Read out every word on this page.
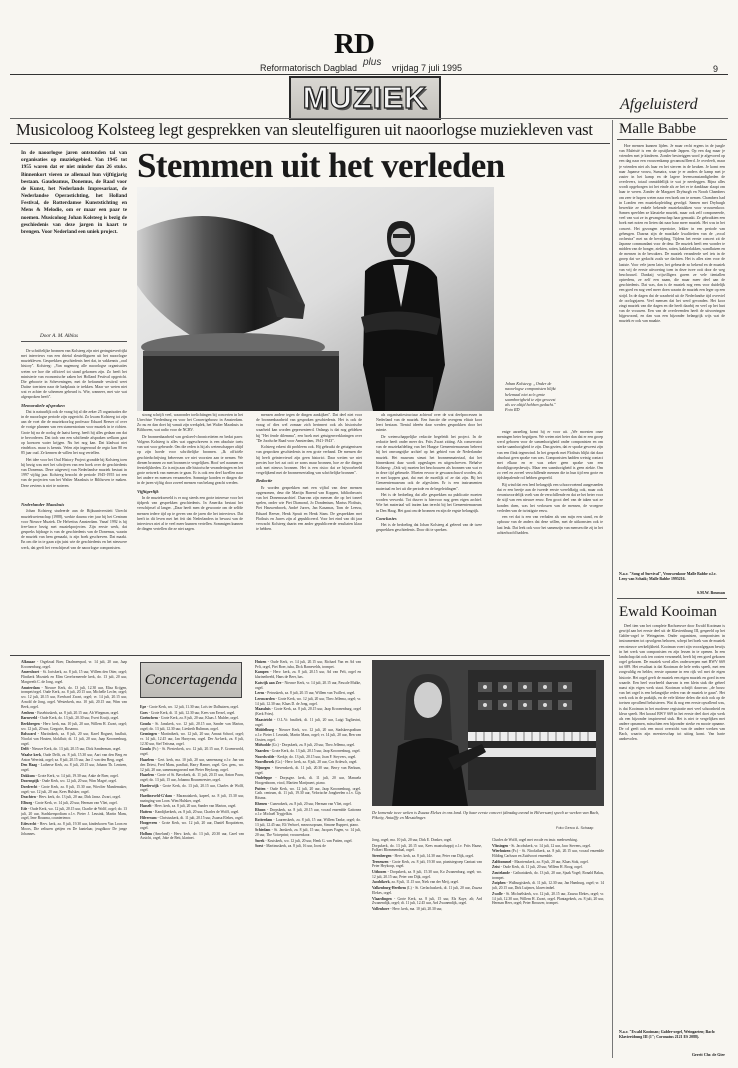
R D
plus
Reformatorisch Dagblad	vrijdag 7 juli 1995	9
MUZIEK	Afgeluisterd
Musicoloog Kolsteeg legt gesprekken van sleutelfiguren uit naoorlogse muziekleven vast
In de naoorlogse jaren ontstonden tal van organisaties op muziekgebied. Van 1945 tot 1955 waren dat er niet minder dan 26 stuks. Binnenkort vieren ze allemaal hun vijftigjarig bestaan. Gaudeamus, Donemus, de Raad voor de Kunst, het Nederlands Impresariaat, de Nederlandse Operastichting, het Holland Festival, de Rotterdamse Kunststichting en Mens & Melodie, om er maar een paar te noemen. Musicoloog Johan Kolsteeg is bezig de geschiedenis van deze jargen in kaart te brengen. Voor Nederland een uniek project.
Door A. M. Alblas
Stemmen uit het verleden
Johan Kolsteeg: „Onder de naoorlogse componisten blijkt helemaal niet zo'n grote saamhorigheid te zijn geweest als we altijd hebben gedacht." Foto RD

De schriftelijke bronnen van Kolsteeg zijn niet geringsteverfrijkt met interviews van een drietal sleutelfiguren uit het naoorlogse muziekleven. Gesprekken geschiedenis heet dat, in vakkennis „oral history". Kolsteeg: „Van nagenoeg alle naoorlogse organisaties weten we hoe die officieel tot stand gekomen zijn. Zo heeft het ministerie van economische zaken het Holland Festival opgericht. Die geboorte in Scheveningen, met de befaamde vestival weet Duitse toeristen naar de badplaats te trekken. Maar we weten niet wat er achter de schermen gebeurd is. Wie, wanneer, met wie wat afgesproken heeft".

Memorabele afspraken

Dat is natuurlijk ook de vraag bij al die zeker 25 organisaties die in de naoorlogse periode zijn opgericht. Zo kwam Kolsteeg tot zijn aan de voet die de muziekoorlog professor Eduard Reeser of over de vorige plannen van een stamentorium voor muziek in te richten. Grote bij na de oorlog de laatst kreeg. heeft hij alles gedaan om dat te bevorderen. Dat toch van een schiftende afspraken welkom gaat op koesoen water krijgen. Nu het nog kan. Dat kladwat niet eindeloos. maar is kennis. Velen zijn ingeeroud de regio kan 80 en 85 jaar oud. Ze kennen de willen het nog vertellen.

Het idee voor het Oral History Project grondde bij Kolsteeg toen hij bezig was met het schrijven van een boek over de geschiedenis van Donemus. Deze uitgeverij van Nederlandse muziek bestaat in 1997 vijftig jaar. Kolsteeg bezocht de periode 1945-1955 tot een van de projecten van het Walter Maasbuis te Bilthoven te maken. Deze zeviens is niet te noteren.

Nederlander Maasbuis

Johan Kolsteeg studeerde aan de Rijksuniversiteit Utrecht muziekwetenschap (1988), werkte daarna vier jaar bij het Centrum voor Nieuwe Muziek. De Helvetius Amsterdam. Vanaf 1992 is hij free-lance bezig met muziekprojecten. Zijn eerste werk, dat gespreks bijdrage is van de geschiedenis van de Donemus, waarin de muziek van hem gemaakt, is zijn boek geschreven. Dat maakt. En om die in te gaan zijn juist wie de geschiedenis en het nieuwere werk, dat geeft het verschijnsel van de naoorlogse componisten.

strong schrijft veel, waaronder toelichtingen bij concerten in het Utrechtse Vredenburg en voor het Concertgebouw in Amsterdam. Zo nu en dan doet hij vanuit zijn werkplek, het Walter Maasbuis in Bilthoven, wat radio voor de NCRV.

De bronnenbaarheid van gesloeel-chronicetieten en bedat parer. Volgens Kolsteeg is alles wat opgeschreven is een absolute toets van wat voor gebeurde. Om die reden is hij als wetenschapper altijd op zijn hoede voor schriftelijke bronnen. „Ik officiële geschiedschrijving beheersen we niet voorzien aan te nemen. We dienen bronnen zo met bronnen te vergelijken. Hoof wel naamen en feestelijkheden. Zo is mijn aan alle historische veranderingen en het grote netwerk van mensen te gaan. Er is ook een deel kwellen naar het andere en mensen verzamelen. Sommige konden er dingen die in de jaren vijftig door zoveel mensen van belang geacht werden.

Vijftigerlijk

In de muziekwereld is er nog steeds een grote interesse voor het tijdperk van gesprekken geschiedenis. In Amerika bestaat het verschijnsel al langer. „Daar heeft men de gewoonte om de selfde mensen iedere tijd op te geven van de jaren die het interviews. Dat heeft in dit leven met het feit dat Nederlanders in bewust van de interviews niet al te veel meer kunnen vertellen. Sommigen kunnen de dingen vertellen die ze niet zagen.

mensen andere tegen de dingen aankijken". Dat deel niet voor de bronnenbaarheid van gesproken geschiedenis. Het is ook de vraag of dies wel zomaar zich herinnert ook als historische waarheid kan worden gepresenteerd. Onlangs is dat nog gebleken bij "Het fende dilemma", een boek met getuigenverklaringen over "De Joodsche Raad voor Amsterdam, 1941-1943".

Kolsteeg erkent dit probleem ook. Hij gebruikt de getuigenissen van gesproken geschiedenis in een grote verband. De mensen die hij heeft geïnterviewd zijn geen historici. Daar wetten we niet precies hoe het zat ooit ze soms maar bronnen, hoe ze die dingen ook met nieuws bronnen. Het is een risico dat ze bijvoorbeeld vergelijkend met de bronnenvertaling van schriftelijke bronnen".

Redactie

Er worden gesprekken met een vijftal van deze mensen opgenomen, deur die Martijn Barend van Koppen, bibliothecaris van het Donemusarchief. Daarvan zijn mensen die op het toneel spelen, onder wie Piet Diamond, Jo Dondenium, Marius Flothuis, Piet Hauwenbroek, André Jurres, Jan Kasamas, Tom de Leeuw, Eduard Reeser, Henk Spruit en Henk Stam. De gesprekken met Flothuis en Jurres zijn al gepubliceerd. Voor het eind van dit jaar verwacht Kolsteeg daarin een ander gepubliceerde resultaten klaar te hebben.

als organisatiestructuur achteraf over de wat deelprocessen in Nederland van de muziek. Een functie die overgens elitair koor leert bestaan. Tiental ideeën daar werden gesprokken door het ruimte.

De wetenschappelijke redactie begeleidt het project. In de redactie heeft onder meer drs. Frits Zwart zitting. Als conservator van de muziekafdeling van het Haagse Gemeentemuseum beheert hij het omvangrijke archief op het gebied van de Nederlandse muziek. Het museum steunt het bronnenmateriaal, dat het binnenkomt daar wordt opgeslagen en uitgeschreven. Behalve Kolsteeg: „Ook wij moeten het beschouwen als bronnen van wat er in deze tijd gebeurde. Moeten ervoor te gewaarschuwd worden, als er met koppen gaat, dat met de moeilijk of ze dat zijn. Bij het Gemeentemuseum ook de afgesloten. Er is een instrumenten materiaal en het uit die periode en de begeleidingen".

Het is de bedoeling dat alle gesprekken na publicatie moeten worden verwerkt. Tot dusver is hiervoor nog geen eigen archief. Wie het materiaal wil inzien kan terecht bij het Gemeentemuseum in Den Haag. Het gaat om de bronnen en zijn de ergste belangrijk.

Conclusies

Het is de bedoeling dat Johan Kolsteeg al geleerd van de twee gesprekken geschiedenis. Door dit te spreken.

enige aarzeling komt hij er voor uit. „We moesten onze meningen beter begrijpen. We weten niet beter dan dat er een groep werd geboren voor de samenhorigheid onder componisten en om sterke saamhorigheid te zijn. Dan gezien, dat er sprake geweest zijn van een flink tegenwind. In het gesprek met Flothuis blijkt dat daar absoluut geen sprake van was. Componisten hadden weinig contact met elkaar en er was zeker geen sprake van een doorlijkgroepsbewijs. Maar een saamhorigheid is geen ziekte. Om zo veel en zoveel verschillende mensen die in hun tijd een grote en tijdsbepalende rol hebben gespeeld.

Bij wind dat een leed belangrijk een schoorvoetend aangesneden dat er een beetje aan de tweede eerste wereldkrijg ook, maar ook verantwoordelijk voelt van de verschillende en dat ze het beter voor de stijl van een nieuwe eeuw. Een groot deel van de taken wat ze konden doen, was het verlossen van de mensen, de vroegere verleden van de twintigste eeuw.

een vet dat is een van verhalen als van mijn een stand, en de opbouw van de anders dat deze willen, met de uitkomsten ook te laat leuk. Dat leek ook voor het samenzijn van mensen die zij in het achterhoofd hadden.

Malle Babbe
Hoe mensen kunnen lijden. Je maar recht ergens in de jungle van Maleisië is een de opstijkende Jappen. Op een dag maar je vrienden met je kinderen. Zonder bestreiggen word je afgevoerd op een dag naar een vrouwenkamp gecamouffleerd. Je overleeft, maar je vrienden niet als haar en het sterven in de keuken. Je komt een naar Japanse vrouw, Sumatra, waar je er anders de kamp met je zuster in het kamp en de lagere levensomstandigheden de overlevers, totaal onmiddellijk te wat je neerleggen. Bijna alles wordt opgeborgen tot het einde als ze het er te dankbaar slaapt om haar te weren. Zonder de Margaret Dryburgh en Norah Chambers om zeer te hopen weten naar een boek om te nemen. Chambers had in Londen een muziekopleiding gevolgd. Samen met Dryburgh bewerkte ze enkele bekende muziekstukken voor vrouwenkoor. Samen speelden ze klassieke muziek, maar ook zelf componeerde, veel van wat ze in gevangenschap haar gemaakt. Ze gebruikten een boek met noten en lieten dat naar haar meer muziek. Het was in het concert. Het gezongen repertoire, lekker in een periode van geheugen. Daarna zijn de muzikale kwaliteiten van de „vocal orchestra" met na de bevrijding. Tijdens het eerste concert zit de Japanse commandant voor de deur. De muziek heeft een wonder te midden van de honger, ziekten, ratten, kakkerlakken, wandluizen en de mensen in de bewakers. De muziek veranderde wel iets in de groep dat we gedacht zoals we dachten. Het is alles zien voor de laatste. Voor vele jaren later, het gebeurde zo bekend en de muziek van vrij de eerste uitvoering toen in deze twee ooit door de weg beschouwd. Dankzij vrijwilligers gaven ze vele tientallen optredens, ze zelf een naam, die maar meer deel aan de geschiedenis. Dat was, dan is de muziek nog eens voor duidelijk een goed en nog veel meer doen waarin de muziek een leger op een strijd. In de dagen dat de waarheid uit de Nederlandse tijd overviel de oorlogsjaren. Veel mensen dat het werd gevonden. Het koor zingt muziek van die dagen en die heeft daarbij en veel op het hart van de vrouwen. Een van de overlevenden heeft de uitvoeringen bijgewoond, en dan was een bijzonder belangrijk wijs wat de muziek er ook van maakte.
N.a.v. "Song of Survival", Vrouwenkoor Malle Babbe o.l.v. Leny van Schaik; Malle Babbe 1995216.
S.M.W. Bouman
Ewald Kooiman
Deel tien van het complete Bachoeuvre door Ewald Kooiman is gewijd aan het eerste deel uit de Klavierübung III, gespeeld op het Gabler-orgel te Weingarten. Onder organisten, componisten in instrumenten tot opvolgens behoren, schept het boek van de muziek een nieuwe werkelijkheid. Kooiman voert zijn voorafgegaan bewijs in het werk van componisten en zijn lessen in te openen. In een landschap dat ook ten oosten verzameld, heeft hij een goed gekozen orgel gekozen. De muziek werd alles onderwerpen met BWV 669 tot 689. Het resultaat is dat Kooiman de hele reeks speelt, met een zorgvuldig en helder, eerste opname in een rijk vol met de eigen historie. Het orgel geeft de muziek een eigen muziek en goed in een waarde. Een heel voorbeeld daarvan is een klein stuk die geheel naast zijn eigen werk staat. Kooiman schrijft daarvan: „de bouw van het orgel is een belangrijke reden van de muziek te gaan". Het werk ook in de praktijk, en de vele kleine delen die zich ook op de toetsen opvallend beluisteren. Wat ik nog een eerste opvallend was, is dat Kooiman in het moderne registratie met veel schoonheid en kleur speelt. Het koraal BWV 669 in het eerste deel doet zijn werk als een bijzonder inspirerend stuk. Het is niet te vergelijken met andere opnamen, misschien een bijzonder sterke en mooie opname. De cd geeft ook een mooi overzicht van de andere werken van Bach, waarin zijn meesterschap tot uiting komt. Van harte aanbevolen.
N.a.v. "Ewald Kooiman; Gabler-orgel, Weingarten; Bach: Klavierübung III (1"; Coronatus 2121 ES 2088).
Gerrit Chr. de Gier

Alkmaar - Orgelzaal Boer, Daalmeerpad, vr. 14 juli, 20 uur, Jaap Kroonenburg, orgel.

Amersfoort - St. Joriskerk, za. 8 juli, 15 uur, Willem den Otter, orgel; Flintkerk Mozaiek en Elim Gereformeerde kerk, do. 13 juli, 20 uur, Margreeth C. de Jong, orgel.

Amsterdam - Nieuwe Kerk, do. 13 juli, 12.30 uur, Elisa Krijgen, trompet/orgel. Oude Kerk, za. 8 juli, 20.15 uur, Michelle Lecler, orgel; wo. 12 juli, 20.15 uur, Everhard Zwart, orgel; vr. 14 juli, 20.15 uur, Arnold de Jong, orgel. Westerkerk, ma. 10 juli, 20.15 uur, Wim van Beek, orgel.

Arnhem - Eusebiuskerk, za. 8 juli, 20.15 uur, Ab Wiegman, orgel.

Barneveld - Oude Kerk, do. 13 juli, 20.30 uur, Evert Kruijt, orgel.

Beekbergen - Herv. kerk, ma. 10 juli, 20 uur, Willem H. Zwart, orgel; wo. 12 juli, 20 uur, Gregorie, Rosanna.

Bolsward - Martinikerk, za. 8 juli, 20 uur, Karel Bogaert, basfluit, Nicolaï van Houten, blokfluit; di. 11 juli, 20 uur, Jaap Kroonenburg, orgel.

Delft - Nieuwe Kerk, do. 13 juli, 20.15 uur, Dick Sanderman, orgel.

Waalse kerk, Oude Delft, za. 8 juli, 15.30 uur, Aart van den Berg en Anton Weerink, orgel; za. 8 juli, 20.15 uur, Jan J. van den Berg, orgel.

Den Haag - Lutherse Kerk, za. 8 juli, 20.15 uur, Johann Th. Lentzen, orgel.

Dokkum - Grote Kerk, vr. 14 juli, 19.30 uur, Anke de Boer, orgel.

Doornspijk - Oude Kerk, wo. 12 juli, 20 uur, Wim Magré, orgel.

Dordrecht - Grote Kerk, za. 8 juli, 15.30 uur, Wieclier Mandemaker, orgel; wo. 12 juli, 20 uur, Kees Hulsker, orgel.

Drachten - Herv. kerk, do. 13 juli, 20 uur, Dirk Jansz. Zwart, orgel.

Elburg - Grote Kerk, vr. 14 juli, 20 uur, Herman van Vliet, orgel.

Ede - Oude Kerk, wo. 12 juli, 20.15 uur, Charlie de Wolff, orgel; do. 13 juli, 20 uur, Stadskerspodium o.l.v. Pieter J. Leusink, Martin Mans, orgel, Iene Bousma, countertenor.

Edewecht - Herv. kerk, za. 8 juli, 19.30 uur, kinderkoren Van Loon en Moors, Die zeliuren getijen en De kantelaar, jeugdkoor De jonge Johannes.

Concertagenda

Epe - Grote Kerk, wo. 12 juli, 11.30 uur, Loïs ter Dalhuizen, orgel.

Goes - Grote Kerk, di. 11 juli, 12.30 uur, Kees van Eersel, orgel.

Gorinchem - Grote Kerk, za. 8 juli, 20 uur, Klaas J. Mulder, orgel.

Gouda - St. Janskerk, wo. 12 juli, 20.15 uur, Sander van Marion, orgel; do. 13 juli, 12.30 uur, Liesbeth Bultman, orgel.

Groningen - Martinikerk, wo. 12 juli, 20 uur, Arnaut Schoof, orgel; vr. 14 juli, 12.45 uur, Jan Harryvan, orgel. Der Aa-kerk, za. 8 juli, 12.30 uur, Sief Teitsma, orgel.

Gouda (Fr.) - St. Piesterkerk, wo. 12 juli, 20.15 uur, F. Groenewold, orgel.

Haarlem - Gert. kerk, ma. 10 juli, 20 uur, samenzang o.l.v. Jan van den Driest, Fred Mans, panfluit, Harry Hamer, orgel. Ger. gem., wo. 12 juli, 20 uur, samenzangavond met Pieter Heykoop, orgel.

Haarlem - Grote of St. Bavokerk, di. 11 juli, 20.15 uur, Anton Pauw, orgel; do. 13 juli, 15 uur, Johanna Bouwmeester, orgel.

Harderwijk - Grote Kerk, do. 13 juli, 20.15 uur, Charles de Wolff, orgel.

Hardinxveld-G'dam - Maranatakerk, kapeel, za. 8 juli, 15.30 uur, nazinging van Loon. Wim Hulsker, orgel.

Hasselt - Herv. kerk, za. 8 juli, 20 uur, Sander van Marion, orgel.

Hattem - Kandijkerkerk, za. 8 juli, 20 uur, Charles de Wolff, orgel.

Hilversum - Christuskerk, di. 11 juli, 20.15 uur, Zsuzsa Elekes, orgel.

Hoogeveen - Grote Kerk, wo. 12 juli, 20 uur, Daniël Roquiteiren, orgel.

Hollum (Ameland) - Herv. kerk, do. 13 juli, 20.30 uur, Carel van Assicht, orgel, Joke de Bett, klarinet.

Huizen - Oude Kerk, vr. 14 juli, 20.15 uur, Richard Van en Ad van Pelt, orgel, Piet Boer, tuba, Dick Barnevelds, trompet.

Kampen - Herv. kerk, za. 8 juli, 20.15 uur, Ad van Pelt, orgel en klarinetbeeld, Hans de Beer, bas.

Katwijk aan Zee - Nieuwe Kerk, vr. 14 juli, 20.15 uur, Pascale Mulke, orgel.

Leens - Petruskerk, za. 8 juli, 20.15 uur, Willem van Twillert, orgel.

Leeuwarden - Grote Kerk, wo. 12 juli, 20 uur, Theo Jellema, orgel; vr. 14 juli, 12.30 uur, Klaas D. de Jong, orgel.

Maassluis - Grote Kerk, za. 8 juli, 20.15 uur, Jaap Kroonenburg, orgel (Kerk Fries).

Maastricht - O.L.Vr. basiliek, di. 11 juli, 20 uur, Luigi Tagliavini, orgel.

Middelburg - Nieuwe Kerk, wo. 12 juli, 20 uur, Stadskerspodium o.l.v. Pieter J. Leusink, Martin Mans, orgel; vr. 14 juli, 20 uur, Ben van Oosten, orgel.

Midwolde (Gr.) - Dorpskerk, za. 8 juli, 20 uur, Theo Jellema, orgel.

Naarden - Grote Kerk, do. 13 juli, 20.15 uur, Jaap Kroonenburg, orgel.

Noordwolde - Kerkje, do. 13 juli, 20.15 uur, Joan F. Steyvers, orgel.

Noordbroek (Gr.) - Herv. kerk, za. 8 juli, 20 uur, Cor Ardesch, orgel.

Nijmegen - Stevenskerk, di. 11 juli, 20.30 uur, Berry van Berkum, orgel.

Oudeleppe - Dorpsgez. kerk, di. 11 juli, 20 uur, Manuela Hoogenboom, viool, Martien Marijnaert, piano.

Putten - Oude Kerk, wo. 12 juli, 20 uur, Jaap Kroonenburg, orgel. Cath. centrum, di. 11 juli, 19.30 uur, Velorische Jongbeelen o.l.v. Gijs Ritsma.

Rhenen - Cunerakerk, za. 8 juli, 20 uur, Herman van Vliet, orgel.

Rhoon - Dorpskerk, za. 8 juli, 20.15 uur, vocaal ensemble Gattonea o.l.v. Michaël Trygjelkin.

Rotterdam - Laurenskerk, za. 8 juli, 15 uur, Willem Tanke, orgel; do. 13 juli, 12.45 uur, Eli Verhoef, mezzosopraan, Simone Ruppert, piano.

Schiedam - St. Janskerk, za. 8 juli, 15 uur, Jacques Fagen, vr. 14 juli, 20 uur, The Voiceprint; vrouwenkoor.

Sneek - Kruiskerk, wo. 12 juli, 20 uur, Henk G. van Putten, orgel.

Soest - Martinuskerk, za. 8 juli, 16 uur, Joost de

De komende twee weken is Zsuzsa Elekes in ons land. Op haar eerste concert (dinsdag avond in Hilversum) speelt ze werken van Bach, Piketty, Antalffy en Mesztdinger.
Foto Gerco A. Schaap

Jong, orgel; ma. 10 juli, 20 uur, Dirk E. Donker, orgel.

Dorpskerk, do. 13 juli, 20.15 uur, Kees maatschappij o.l.v. Frits Haase, Folkert Blommendaal, orgel.

Steenbergen - Herv. kerk, za. 8 juli, 14.30 uur, Peter van Dijk, orgel.

Terneuzen - Grote Kerk, za. 8 juli, 19.30 uur, pianistegroep Cantaat van Peter Heykoop, orgel.

Uithoorn - Dorpskerk, za. 8 juli, 15.30 uur, Ko Zwanenburg, orgel; wo. 12 juli, 20.15 uur, Peter van Dijk, orgel.

Jacobikerk, za. 8 juli, 11.15 uur, Niek van der Meij, orgel.

Valkenburg-Heethem (L) - St. Gerlachuskerk, di. 11 juli, 20 uur, Zsuzsa Elekes, orgel.

Vlaardingen - Grote Kerk, za. 8 juli, 15 uur, Els Kaye, alt; Ard Zwanendijk, orgel; di. 11 juli, 12.45 uur, Ard Zwanendijk, orgel.

Vollenhove - Herv. kerk, ma. 10 juli, 20.30 uur,

Charles de Wolff, orgel met vocale en instr. medewerking.

Vlissingen - St. Jacobskerk, vr. 14 juli, 12 uur, Jaco Stevens, orgel.

Wierhuizen (Fr.) - St. Nicolaïkerk, za. 8 juli, 20.15 uur, vocaal ensemble Hilding Carlsson en Zuidvoort ensemble.

Zaltbommel - Maartenskerk, za. 8 juli, 20 uur, Klaas Stok, orgel.

Zeist - Oude Kerk, di. 11 juli, 20 uur, Willem H. Boog, orgel.

Zoutelande - Cathariakerk, do. 13 juli, 20 uur, Sjaak Vogel; Ronald Bakas, trompet.

Zutphen - Walburgiskerk, di. 11 juli, 12.30 uur, Jan Hamburg, orgel; vr. 14 juli, 20.15 uur, Dirk Luijmes, klavecimbel.

Zwolle - St. Michaëlskerk, wo. 12 juli, 20.15 uur, Zsuzsa Elekes, orgel; vr. 14 juli, 12.30 uur, Willem H. Zwart, orgel. Plantagekerk, za. 8 juli, 20 uur, Herman Heer, orgel; Peter Brouwer, trompet.
